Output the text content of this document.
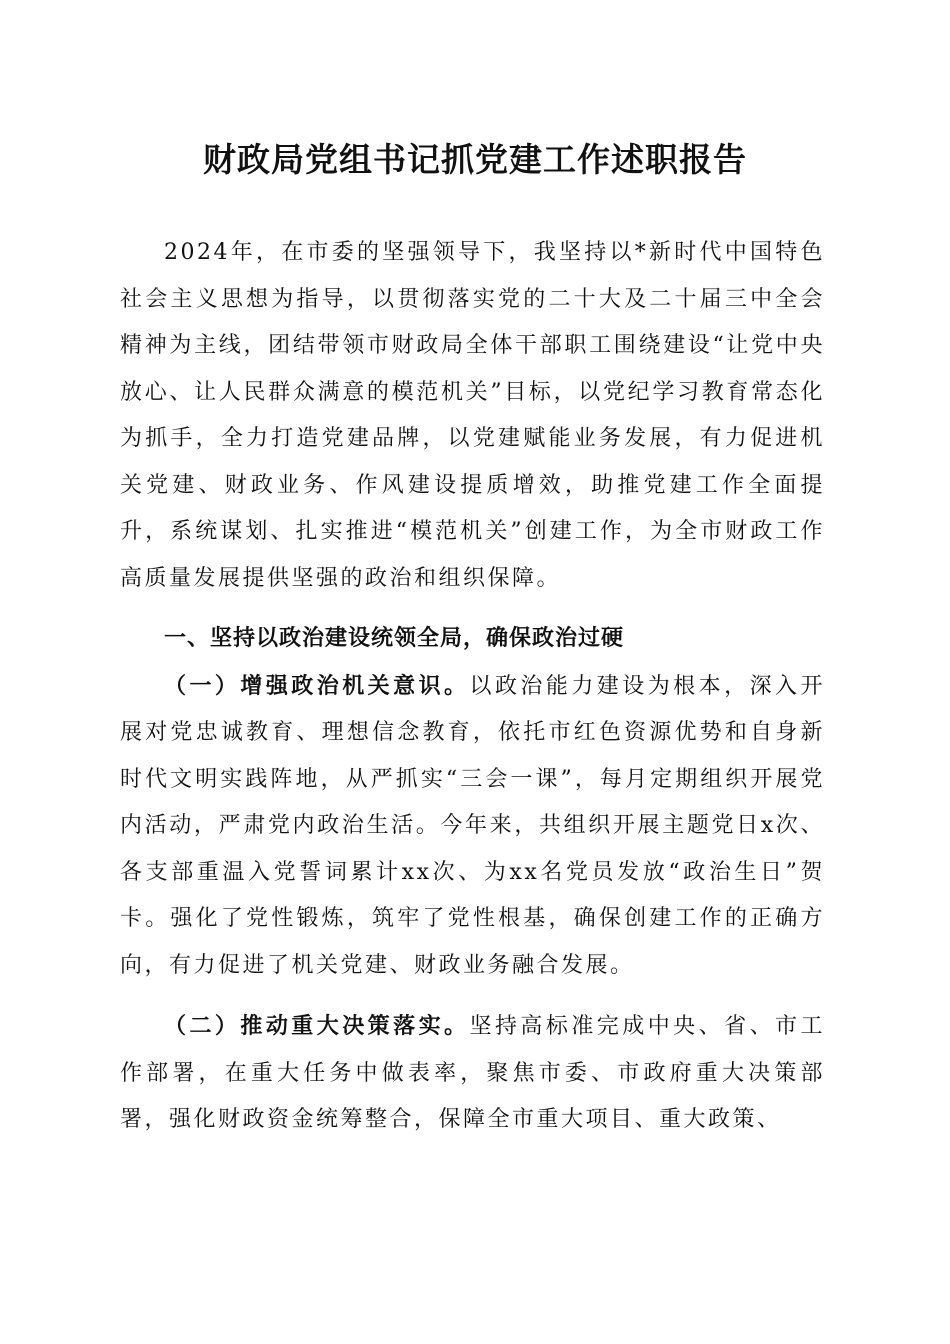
财政局党组书记抓党建工作述职报告

2024年，在市委的坚强领导下，我坚持以*新时代中国特色社会主义思想为指导，以贯彻落实党的二十大及二十届三中全会精神为主线，团结带领市财政局全体干部职工围绕建设“让党中央放心、让人民群众满意的模范机关”目标，以党纪学习教育常态化为抓手，全力打造党建品牌，以党建赋能业务发展，有力促进机关党建、财政业务、作风建设提质增效，助推党建工作全面提升，系统谋划、扎实推进“模范机关”创建工作，为全市财政工作高质量发展提供坚强的政治和组织保障。

一、坚持以政治建设统领全局，确保政治过硬

（一）增强政治机关意识。以政治能力建设为根本，深入开展对党忠诚教育、理想信念教育，依托市红色资源优势和自身新时代文明实践阵地，从严抓实“三会一课”，每月定期组织开展党内活动，严肃党内政治生活。今年来，共组织开展主题党日x次、各支部重温入党誓词累计xx次、为xx名党员发放“政治生日”贺卡。强化了党性锻炼，筑牢了党性根基，确保创建工作的正确方向，有力促进了机关党建、财政业务融合发展。

（二）推动重大决策落实。坚持高标准完成中央、省、市工作部署，在重大任务中做表率，聚焦市委、市政府重大决策部署，强化财政资金统筹整合，保障全市重大项目、重大政策、
